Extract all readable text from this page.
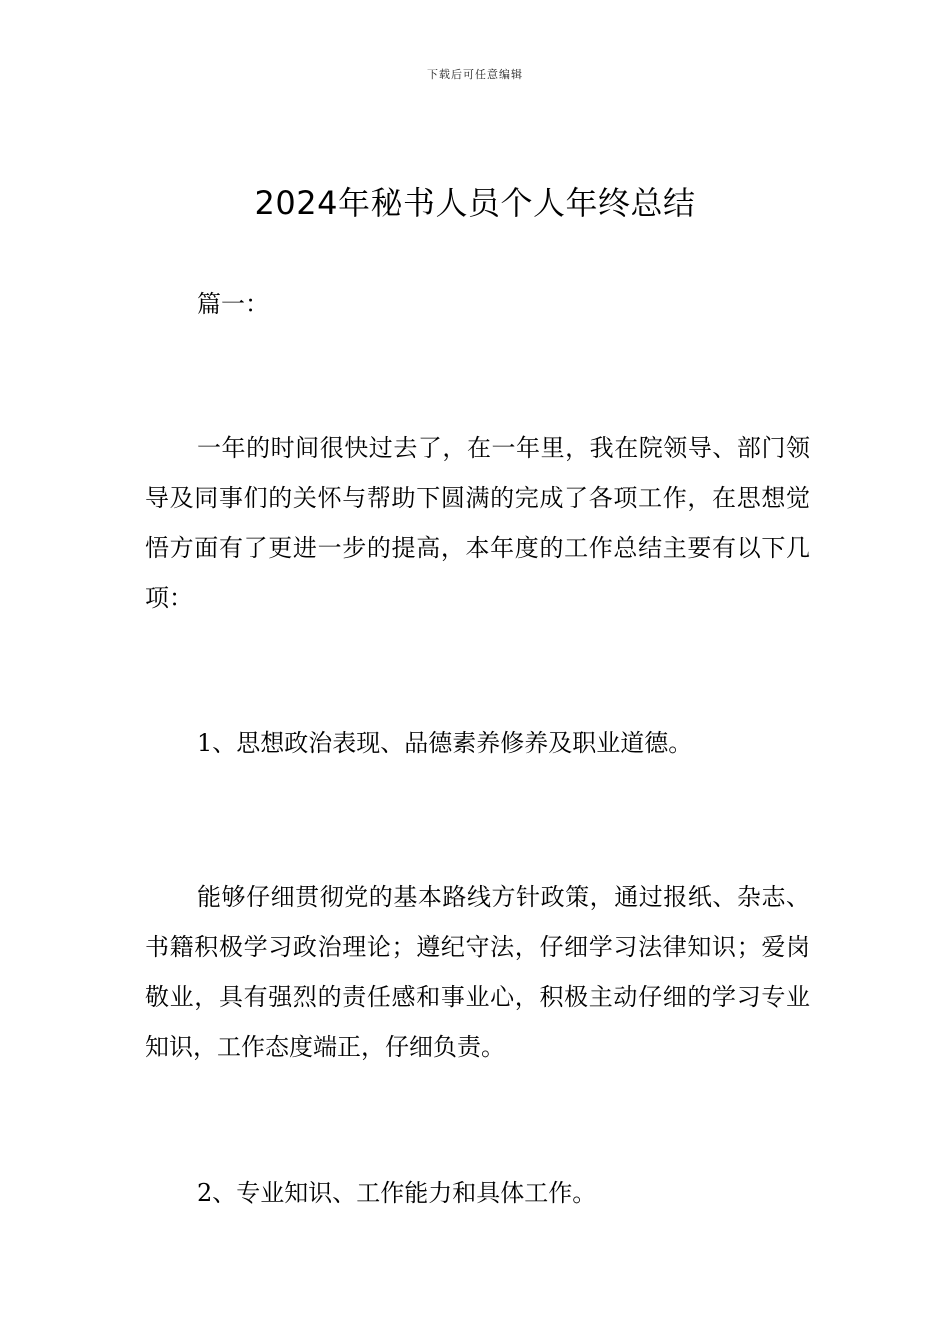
下载后可任意编辑
2024年秘书人员个人年终总结

篇一：

一年的时间很快过去了，在一年里，我在院领导、部门领导及同事们的关怀与帮助下圆满的完成了各项工作，在思想觉悟方面有了更进一步的提高，本年度的工作总结主要有以下几项：

1、思想政治表现、品德素养修养及职业道德。

能够仔细贯彻党的基本路线方针政策，通过报纸、杂志、书籍积极学习政治理论；遵纪守法，仔细学习法律知识；爱岗敬业，具有强烈的责任感和事业心，积极主动仔细的学习专业知识，工作态度端正，仔细负责。

2、专业知识、工作能力和具体工作。
